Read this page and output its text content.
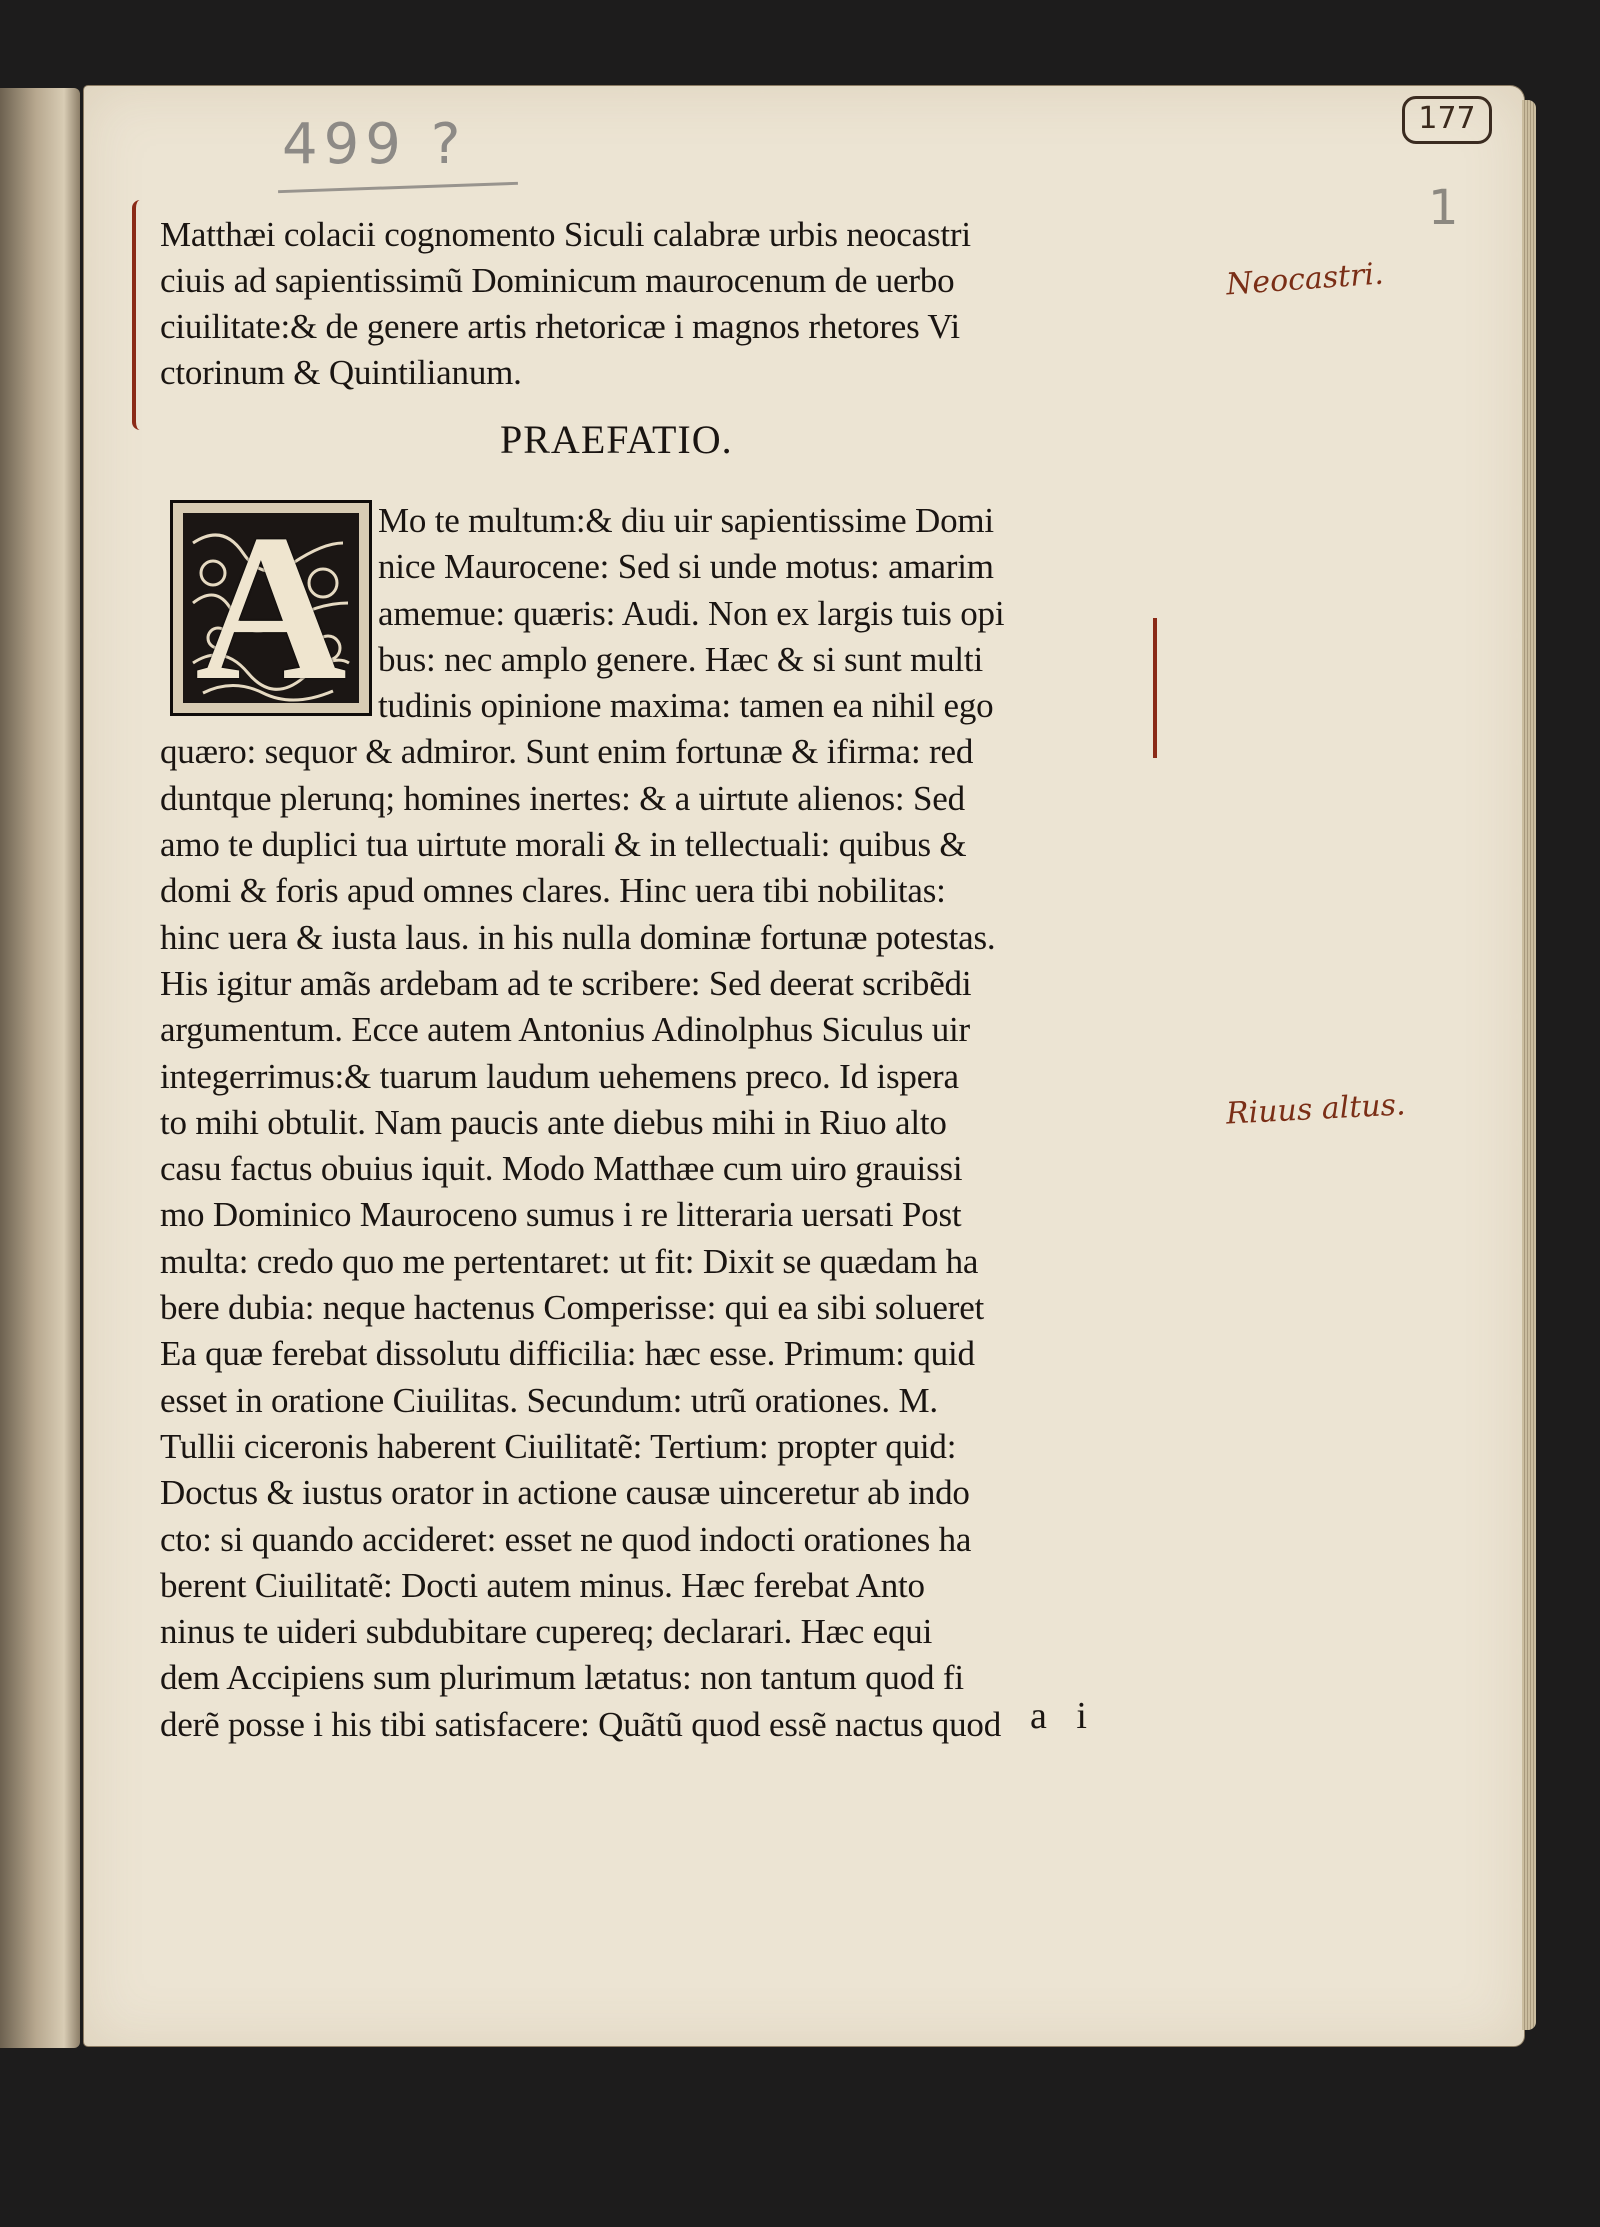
499 ?	177
1
Matthæi colacii cognomento Siculi calabræ urbis neocastri
ciuis ad sapientissimũ Dominicum maurocenum de uerbo
ciuilitate:& de genere artis rhetoricæ i magnos rhetores Vi
ctorinum & Quintilianum.
PRAEFATIO.
A Mo te multum:& diu uir sapientissime Domi
nice Maurocene: Sed si unde motus: amarim
amemue: quæris: Audi. Non ex largis tuis opi
bus: nec amplo genere. Hæc & si sunt multi
tudinis opinione maxima: tamen ea nihil ego
quæro: sequor & admiror. Sunt enim fortunæ & ifirma: red
duntque plerunq; homines inertes: & a uirtute alienos: Sed
amo te duplici tua uirtute morali & in tellectuali: quibus &
domi & foris apud omnes clares. Hinc uera tibi nobilitas:
hinc uera & iusta laus. in his nulla dominæ fortunæ potestas.
His igitur amãs ardebam ad te scribere: Sed deerat scribẽdi
argumentum. Ecce autem Antonius Adinolphus Siculus uir
integerrimus:& tuarum laudum uehemens preco. Id ispera
to mihi obtulit. Nam paucis ante diebus mihi in Riuo alto
casu factus obuius iquit. Modo Matthæe cum uiro grauissi
mo Dominico Mauroceno sumus i re litteraria uersati Post
multa: credo quo me pertentaret: ut fit: Dixit se quædam ha
bere dubia: neque hactenus Comperisse: qui ea sibi solueret
Ea quæ ferebat dissolutu difficilia: hæc esse. Primum: quid
esset in oratione Ciuilitas. Secundum: utrũ orationes. M.
Tullii ciceronis haberent Ciuilitatẽ: Tertium: propter quid:
Doctus & iustus orator in actione causæ uinceretur ab indo
cto: si quando accideret: esset ne quod indocti orationes ha
berent Ciuilitatẽ: Docti autem minus. Hæc ferebat Anto
ninus te uideri subdubitare cupereq; declarari. Hæc equi
dem Accipiens sum plurimum lætatus: non tantum quod fi
derẽ posse i his tibi satisfacere: Quãtũ quod essẽ nactus quod a i
Neocastri.
Riuus altus.
